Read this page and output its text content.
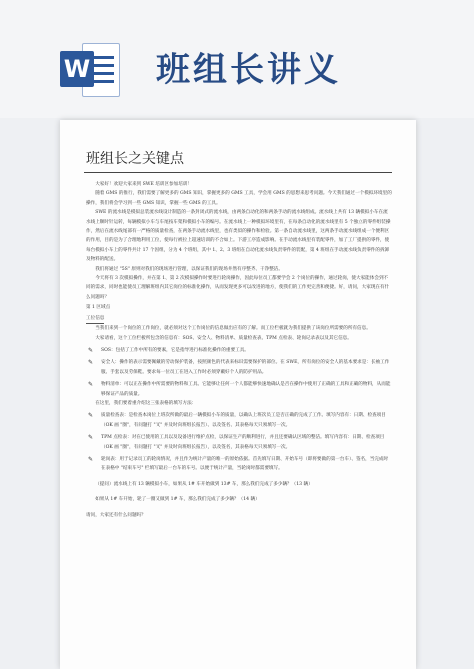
W 班组长讲义
班组长之关键点

大家好！欢迎大家来到 SWE 培训区参加培训！

随着 GMS 的推行，我们需要了解更多的 GMS 知识，掌握更多的 GMS 工具，学会用 GMS 的思想来思考问题。今天我们通过一个模拟环境里的操作，我们将会学习到一些 GMS 知识，掌握一些 GMS 的工具。

SWE 的流水线是模拟总装流水线设计制造的一条封闭式的流水线，由两条自动化的和两条手动的流水线组成。流水线上共有 13 辆模拟小车在流水线上顺时针运转，每辆模拟小车与车尾按车架和模拟小车的编号。在流水线上一种模拟环境里有，在每条自动化的流水线里有 5 个独立的零件组装操作，然后在流水线尾部有一严格的质量检查，在两条手动流水线里，也有类似的操作和检验。第一条自动流水线里，这两条手动流水线组成一个便利区的作用，目的是为了合理地利用工位，使每行被拉上超速培训的不合如上。下游工序造成影响。在手动流水线里有装配零件，加了工厂提供的零件，使每台模拟小车上的零件共计 17 个因组，分为 4 个班组，其中 1、2、3 班组在自动化流水线负责零件的装配，第 4 班组在手动流水线负责零件的拆卸及物料的配送。

我们将通过 "5S" 原则对我们的现场进行管理，以保证我们的现场井然有序整齐、干净整洁。

今天将有 3 次模拟操作，并在第 1、第 2 次模拟操作时要进行轮岗操作，因此每位员工都要学会 2 个岗位的操作，通过轮岗，使大家能体会到不同的需求，同时也能使员工理解班组内其它岗位的标准化操作，从而发现更多可以改进的地方，使我们的工作更完善和便捷。好，请问，大家现在有什么问题吗？

第 1 区域点

工位信息

当我们来到一个岗位的工作岗位，就必须对这个工作岗位的信息做出应有的了解。而工位栏板就为我们提供了该岗位所需要的所有信息。

大家请看，这个工位栏板所包含的信息有：SOS、安全人、物料清单、质量检查表、TPM 点检表、轮岗记录表以及其它信息。

✎ SOS：包括了工作中所有的要素，它是指导进行标准化操作的重要工具。
✎ 安全人：操作的表示需要佩戴的劳动保护装备，按照颜色的代表来标识需要保护的部位。在 SWE，所有岗位的安全人的基本要求是：长袖工作服、手套以及劳保鞋。要求每一位员工在进入工作时必须穿戴好个人的防护用品。
✎ 物料清单：可以正在操作中所需要的物料和工具。它能够让任何一个人都能够快速地确认是否在操作中使用了正确的工具和正确的物料，从而能够保证产品的质量。

在这里，我们要着重介绍这三张表格的填写方法：

✎ 质量检查表：是检查本岗位上班次所做的最后一辆模拟小车的质量，以确认上班次员工是否正确的完成了工作。填写内容有：日期、检查项目（OK 画 "圈"，有问题打 "叉" 并及时向班组长报告）、以及签名、其表格每天只须填写一次。
✎ TPM 点检表：对在已使用的工具以及设备进行维护点检，以保证生产的顺利进行，并且还要确认区域的整洁。填写内容有：日期、检查项目（OK 画 "圈"，有问题打 "叉" 并及时向班组长报告），以及签名，其表格每天只须填写一次。
✎ 轮岗表：用于记录员工的轮岗情况，并且作为统计产量的唯一的原始依据。首先填写日期、开始车号（即将要做的第一台车）、签名，当完成时在表格中 "结束车号" 栏填写最后一台车的车号。以便于统计产量，当轮岗时都需要填写。

（提问）流水线上有 13 辆模拟小车，如果从 1# 车开始做到 13# 车，那么我们完成了多少辆？（13 辆）

如果从 1# 车开始，轮了一圈又做到 1# 车，那么我们完成了多少辆？（14 辆）

请问，大家还有什么问题吗？
